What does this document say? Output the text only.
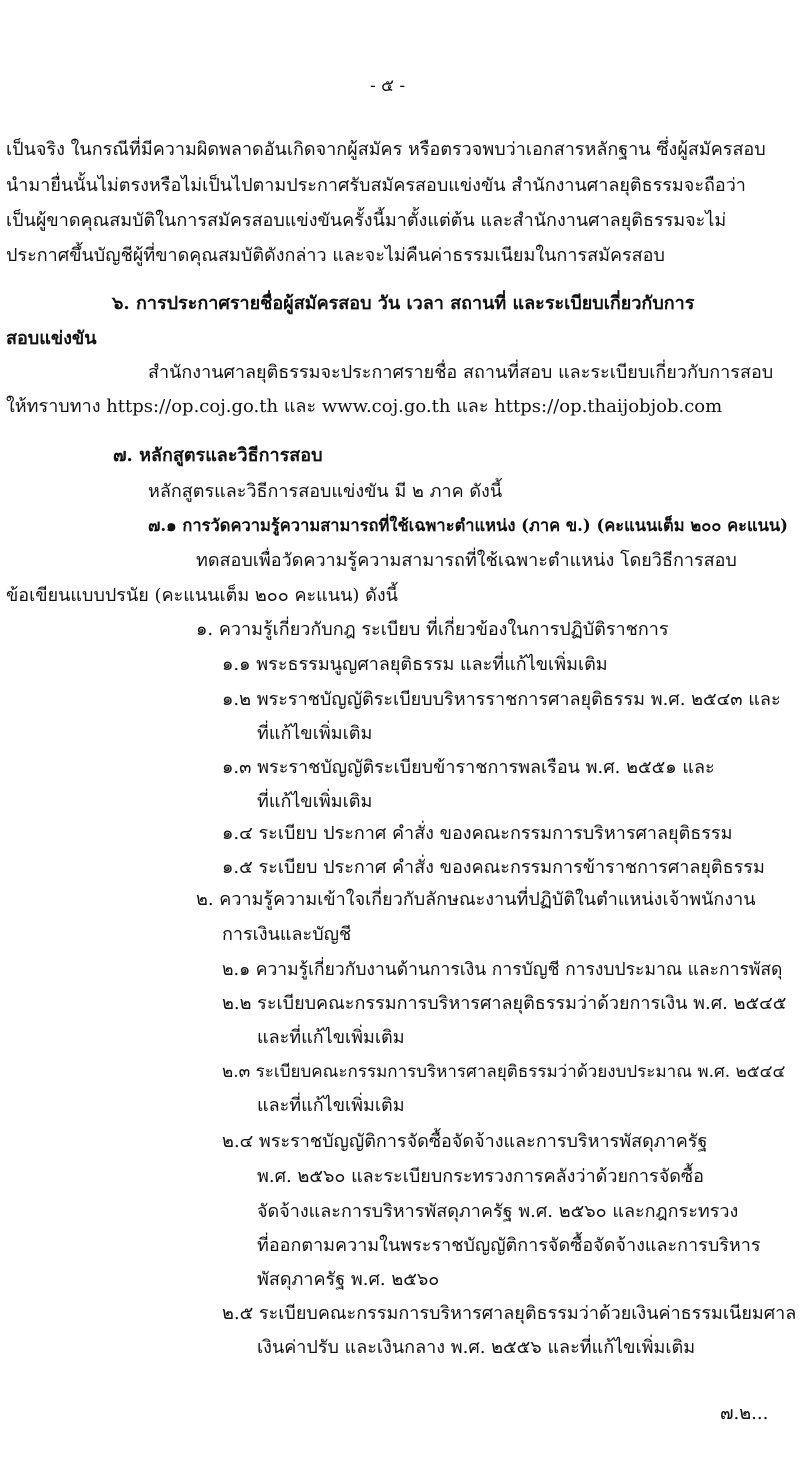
- ๕ -
เป็นจริง ในกรณีที่มีความผิดพลาดอันเกิดจากผู้สมัคร หรือตรวจพบว่าเอกสารหลักฐาน ซึ่งผู้สมัครสอบ
นำมายื่นนั้นไม่ตรงหรือไม่เป็นไปตามประกาศรับสมัครสอบแข่งขัน สำนักงานศาลยุติธรรมจะถือว่า
เป็นผู้ขาดคุณสมบัติในการสมัครสอบแข่งขันครั้งนี้มาตั้งแต่ต้น และสำนักงานศาลยุติธรรมจะไม่
ประกาศขึ้นบัญชีผู้ที่ขาดคุณสมบัติดังกล่าว และจะไม่คืนค่าธรรมเนียมในการสมัครสอบ
๖. การประกาศรายชื่อผู้สมัครสอบ วัน เวลา สถานที่ และระเบียบเกี่ยวกับการ
สอบแข่งขัน
สำนักงานศาลยุติธรรมจะประกาศรายชื่อ สถานที่สอบ และระเบียบเกี่ยวกับการสอบ
ให้ทราบทาง https://op.coj.go.th และ www.coj.go.th และ https://op.thaijobjob.com
๗. หลักสูตรและวิธีการสอบ
หลักสูตรและวิธีการสอบแข่งขัน มี ๒ ภาค ดังนี้
๗.๑ การวัดความรู้ความสามารถที่ใช้เฉพาะตำแหน่ง (ภาค ข.) (คะแนนเต็ม ๒๐๐ คะแนน)
ทดสอบเพื่อวัดความรู้ความสามารถที่ใช้เฉพาะตำแหน่ง โดยวิธีการสอบ
ข้อเขียนแบบปรนัย (คะแนนเต็ม ๒๐๐ คะแนน) ดังนี้
๑. ความรู้เกี่ยวกับกฎ ระเบียบ ที่เกี่ยวข้องในการปฏิบัติราชการ
๑.๑ พระธรรมนูญศาลยุติธรรม และที่แก้ไขเพิ่มเติม
๑.๒ พระราชบัญญัติระเบียบบริหารราชการศาลยุติธรรม พ.ศ. ๒๕๔๓ และ
ที่แก้ไขเพิ่มเติม
๑.๓ พระราชบัญญัติระเบียบข้าราชการพลเรือน พ.ศ. ๒๕๕๑ และ
ที่แก้ไขเพิ่มเติม
๑.๔ ระเบียบ ประกาศ คำสั่ง ของคณะกรรมการบริหารศาลยุติธรรม
๑.๕ ระเบียบ ประกาศ คำสั่ง ของคณะกรรมการข้าราชการศาลยุติธรรม
๒. ความรู้ความเข้าใจเกี่ยวกับลักษณะงานที่ปฏิบัติในตำแหน่งเจ้าพนักงาน
การเงินและบัญชี
๒.๑ ความรู้เกี่ยวกับงานด้านการเงิน การบัญชี การงบประมาณ และการพัสดุ
๒.๒ ระเบียบคณะกรรมการบริหารศาลยุติธรรมว่าด้วยการเงิน พ.ศ. ๒๕๔๕
และที่แก้ไขเพิ่มเติม
๒.๓ ระเบียบคณะกรรมการบริหารศาลยุติธรรมว่าด้วยงบประมาณ พ.ศ. ๒๕๔๔
และที่แก้ไขเพิ่มเติม
๒.๔ พระราชบัญญัติการจัดซื้อจัดจ้างและการบริหารพัสดุภาครัฐ
พ.ศ. ๒๕๖๐ และระเบียบกระทรวงการคลังว่าด้วยการจัดซื้อ
จัดจ้างและการบริหารพัสดุภาครัฐ พ.ศ. ๒๕๖๐ และกฎกระทรวง
ที่ออกตามความในพระราชบัญญัติการจัดซื้อจัดจ้างและการบริหาร
พัสดุภาครัฐ พ.ศ. ๒๕๖๐
๒.๕ ระเบียบคณะกรรมการบริหารศาลยุติธรรมว่าด้วยเงินค่าธรรมเนียมศาล
เงินค่าปรับ และเงินกลาง พ.ศ. ๒๕๕๖ และที่แก้ไขเพิ่มเติม
๗.๒...
